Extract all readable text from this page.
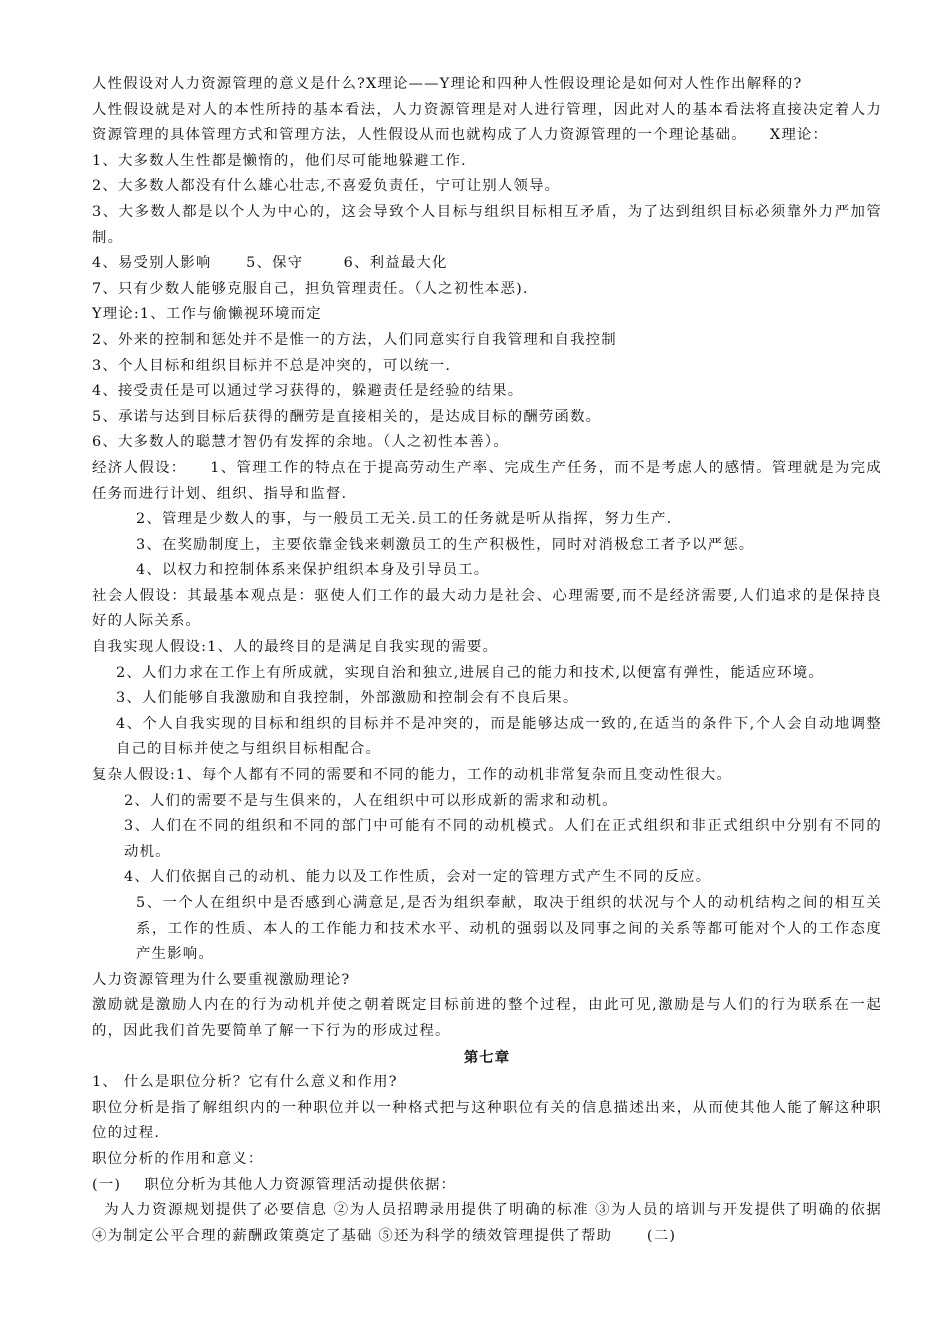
人性假设对人力资源管理的意义是什么?X理论——Y理论和四种人性假设理论是如何对人性作出解释的?
人性假设就是对人的本性所持的基本看法，人力资源管理是对人进行管理，因此对人的基本看法将直接决定着人力资源管理的具体管理方式和管理方法，人性假设从而也就构成了人力资源管理的一个理论基础。    X理论：
1、大多数人生性都是懒惰的，他们尽可能地躲避工作.
2、大多数人都没有什么雄心壮志,不喜爱负责任，宁可让别人领导。
3、大多数人都是以个人为中心的，这会导致个人目标与组织目标相互矛盾，为了达到组织目标必须靠外力严加管制。
4、易受别人影响      5、保守       6、利益最大化
7、只有少数人能够克服自己，担负管理责任。（人之初性本恶).
Y理论:1、工作与偷懒视环境而定
2、外来的控制和惩处并不是惟一的方法，人们同意实行自我管理和自我控制
3、个人目标和组织目标并不总是冲突的，可以统一.
4、接受责任是可以通过学习获得的，躲避责任是经验的结果。
5、承诺与达到目标后获得的酬劳是直接相关的，是达成目标的酬劳函数。
6、大多数人的聪慧才智仍有发挥的余地。（人之初性本善）。
经济人假设：    1、管理工作的特点在于提高劳动生产率、完成生产任务，而不是考虑人的感情。管理就是为完成任务而进行计划、组织、指导和监督.
2、管理是少数人的事，与一般员工无关.员工的任务就是听从指挥，努力生产.
3、在奖励制度上，主要依靠金钱来刺激员工的生产积极性，同时对消极怠工者予以严惩。
4、以权力和控制体系来保护组织本身及引导员工。
社会人假设：其最基本观点是：驱使人们工作的最大动力是社会、心理需要,而不是经济需要,人们追求的是保持良好的人际关系。
自我实现人假设:1、人的最终目的是满足自我实现的需要。
2、人们力求在工作上有所成就，实现自治和独立,进展自己的能力和技术,以便富有弹性，能适应环境。
3、人们能够自我激励和自我控制，外部激励和控制会有不良后果。
4、个人自我实现的目标和组织的目标并不是冲突的，而是能够达成一致的,在适当的条件下,个人会自动地调整自己的目标并使之与组织目标相配合。
复杂人假设:1、每个人都有不同的需要和不同的能力，工作的动机非常复杂而且变动性很大。
2、人们的需要不是与生俱来的，人在组织中可以形成新的需求和动机。
3、人们在不同的组织和不同的部门中可能有不同的动机模式。人们在正式组织和非正式组织中分别有不同的动机。
4、人们依据自己的动机、能力以及工作性质，会对一定的管理方式产生不同的反应。
5、一个人在组织中是否感到心满意足,是否为组织奉献，取决于组织的状况与个人的动机结构之间的相互关系，工作的性质、本人的工作能力和技术水平、动机的强弱以及同事之间的关系等都可能对个人的工作态度产生影响。
人力资源管理为什么要重视激励理论?
激励就是激励人内在的行为动机并使之朝着既定目标前进的整个过程，由此可见,激励是与人们的行为联系在一起的，因此我们首先要简单了解一下行为的形成过程。
第七章
1、 什么是职位分析？它有什么意义和作用?
职位分析是指了解组织内的一种职位并以一种格式把与这种职位有关的信息描述出来，从而使其他人能了解这种职位的过程.
职位分析的作用和意义：
(一)    职位分析为其他人力资源管理活动提供依据：
为人力资源规划提供了必要信息 ②为人员招聘录用提供了明确的标准 ③为人员的培训与开发提供了明确的依据 ④为制定公平合理的薪酬政策奠定了基础 ⑤还为科学的绩效管理提供了帮助      (二)
